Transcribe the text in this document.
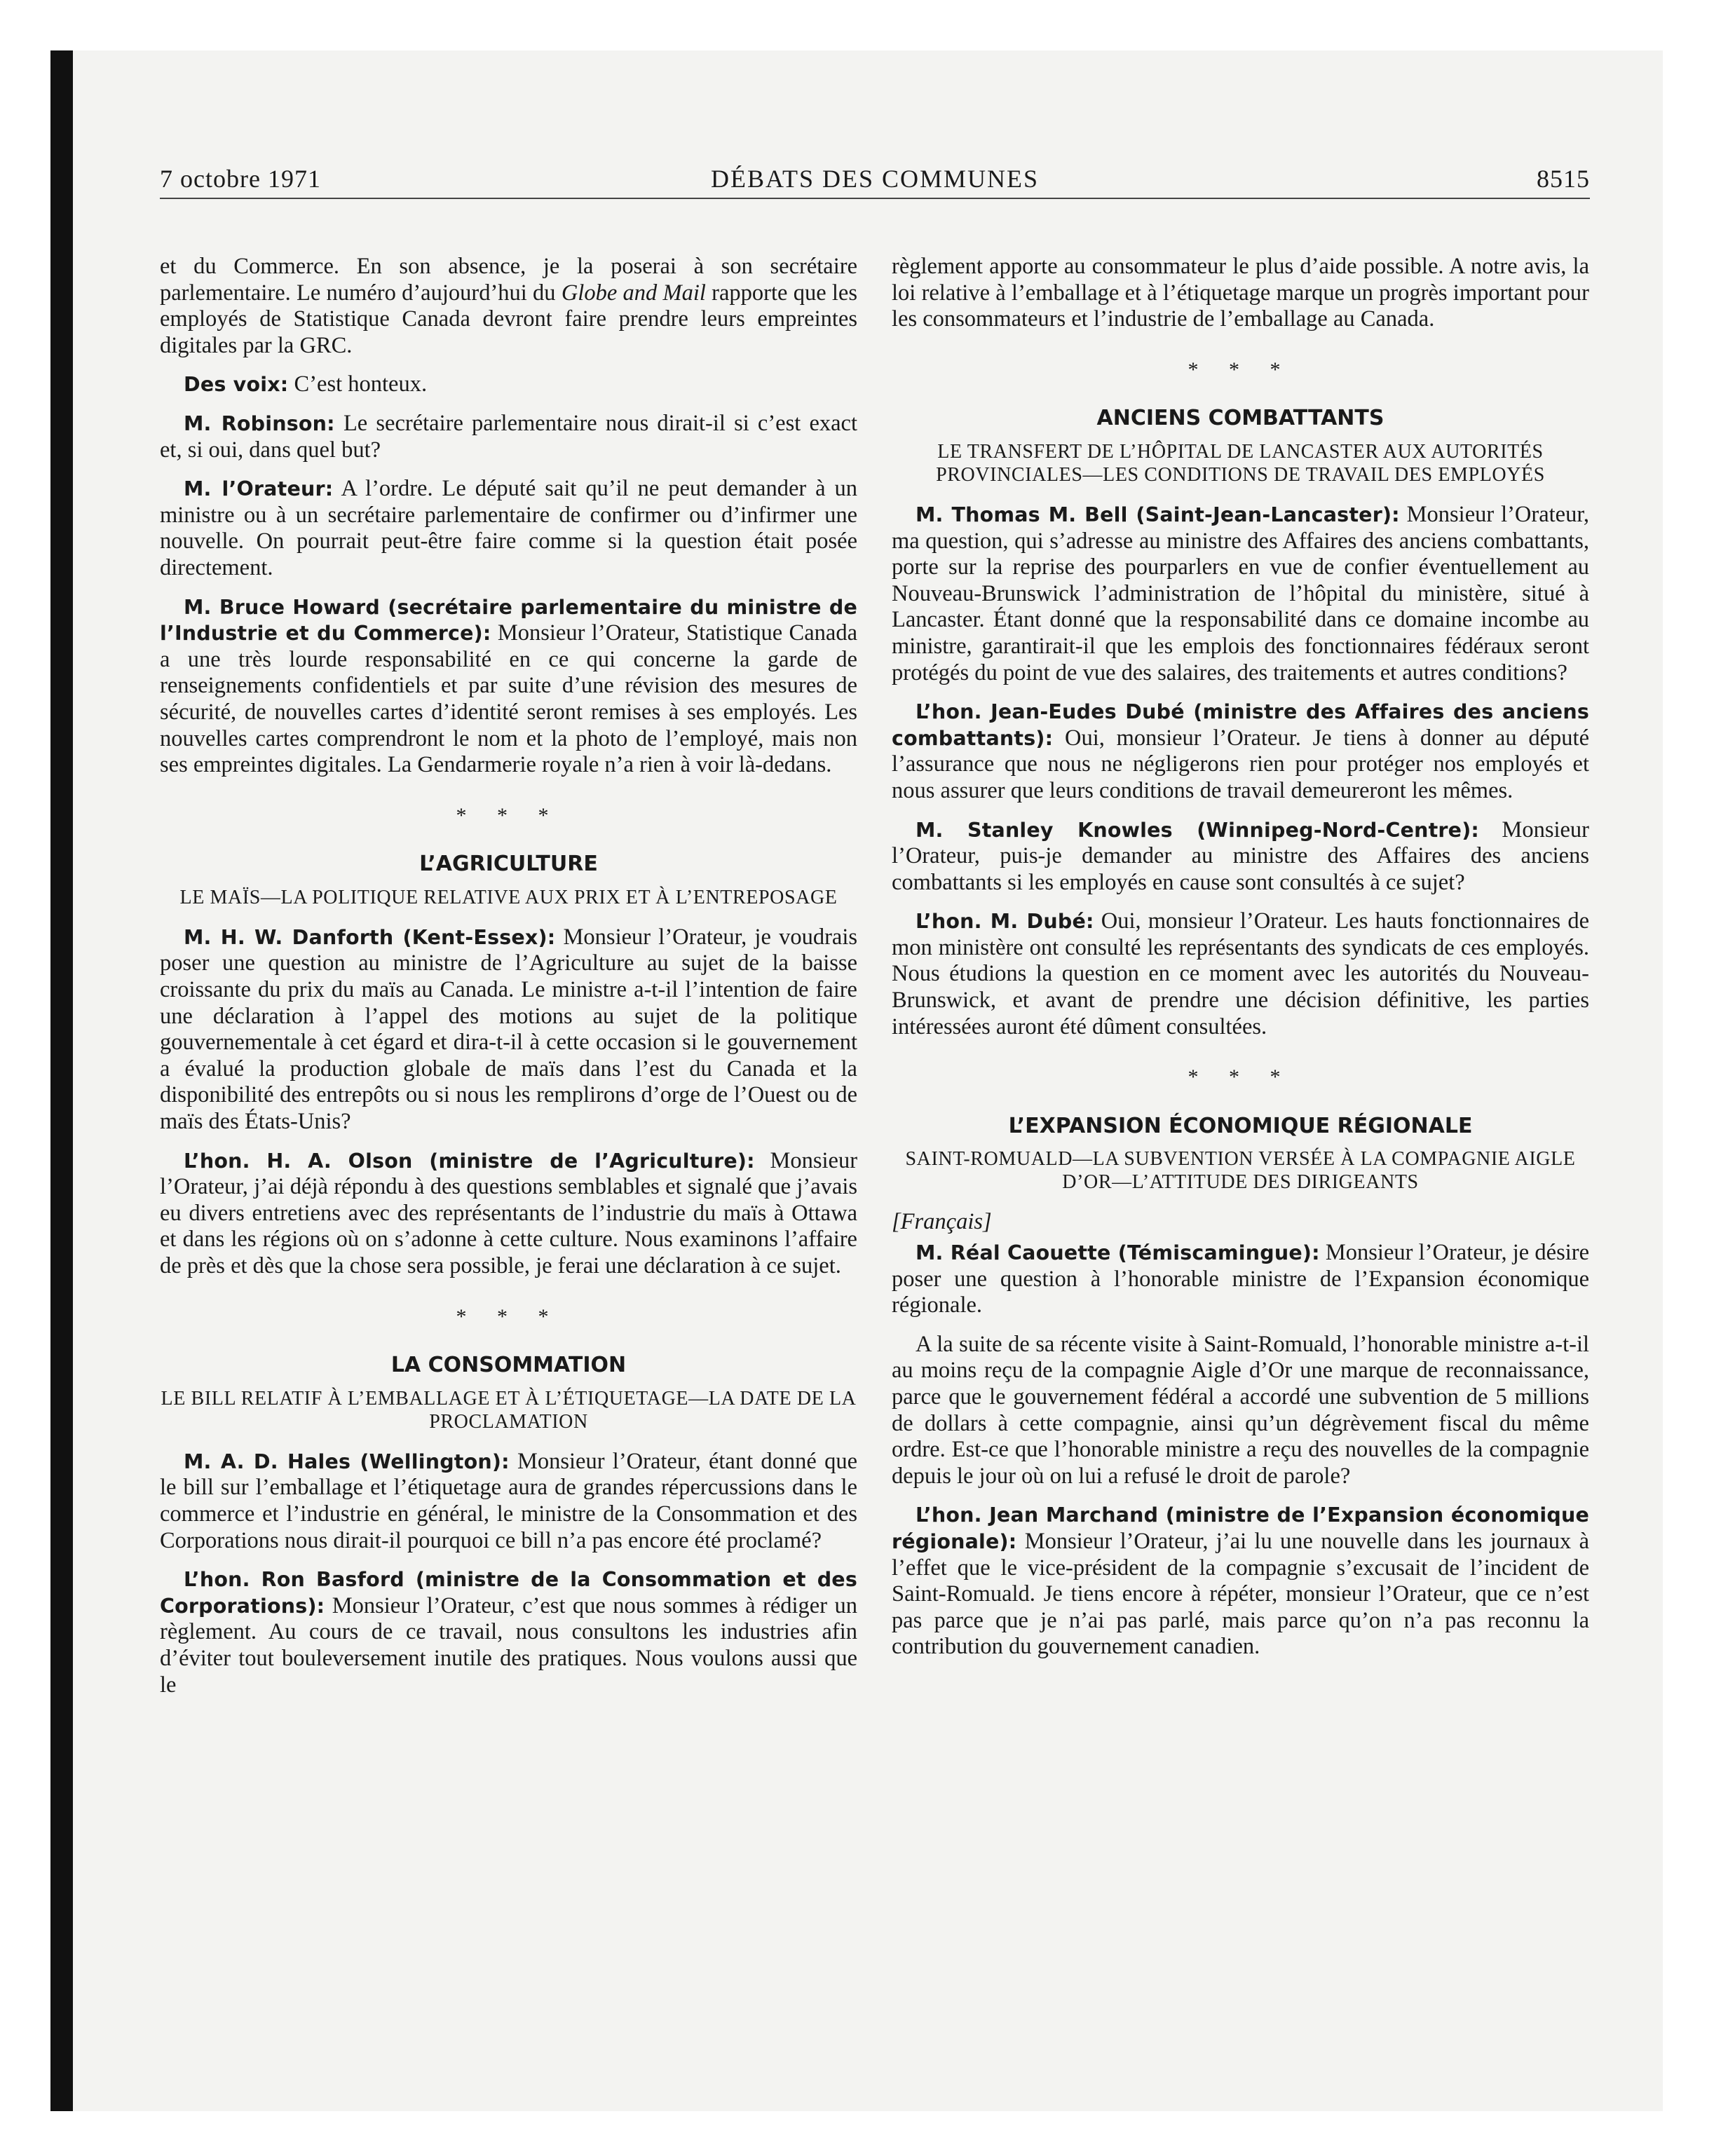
7 octobre 1971	DÉBATS DES COMMUNES	8515

et du Commerce. En son absence, je la poserai à son secrétaire parlementaire. Le numéro d’aujourd’hui du Globe and Mail rapporte que les employés de Statistique Canada devront faire prendre leurs empreintes digitales par la GRC.

Des voix: C’est honteux.

M. Robinson: Le secrétaire parlementaire nous dirait-il si c’est exact et, si oui, dans quel but?

M. l’Orateur: A l’ordre. Le député sait qu’il ne peut demander à un ministre ou à un secrétaire parlementaire de confirmer ou d’infirmer une nouvelle. On pourrait peut-être faire comme si la question était posée directement.

M. Bruce Howard (secrétaire parlementaire du ministre de l’Industrie et du Commerce): Monsieur l’Orateur, Statistique Canada a une très lourde responsabilité en ce qui concerne la garde de renseignements confidentiels et par suite d’une révision des mesures de sécurité, de nouvelles cartes d’identité seront remises à ses employés. Les nouvelles cartes comprendront le nom et la photo de l’employé, mais non ses empreintes digitales. La Gendarmerie royale n’a rien à voir là-dedans.

* * *
L’AGRICULTURE
LE MAÏS—LA POLITIQUE RELATIVE AUX PRIX ET À L’ENTREPOSAGE

M. H. W. Danforth (Kent-Essex): Monsieur l’Orateur, je voudrais poser une question au ministre de l’Agriculture au sujet de la baisse croissante du prix du maïs au Canada. Le ministre a-t-il l’intention de faire une déclaration à l’appel des motions au sujet de la politique gouvernementale à cet égard et dira-t-il à cette occasion si le gouvernement a évalué la production globale de maïs dans l’est du Canada et la disponibilité des entrepôts ou si nous les remplirons d’orge de l’Ouest ou de maïs des États-Unis?

L’hon. H. A. Olson (ministre de l’Agriculture): Monsieur l’Orateur, j’ai déjà répondu à des questions semblables et signalé que j’avais eu divers entretiens avec des représentants de l’industrie du maïs à Ottawa et dans les régions où on s’adonne à cette culture. Nous examinons l’affaire de près et dès que la chose sera possible, je ferai une déclaration à ce sujet.

* * *
LA CONSOMMATION
LE BILL RELATIF À L’EMBALLAGE ET À L’ÉTIQUETAGE—LA DATE DE LA PROCLAMATION

M. A. D. Hales (Wellington): Monsieur l’Orateur, étant donné que le bill sur l’emballage et l’étiquetage aura de grandes répercussions dans le commerce et l’industrie en général, le ministre de la Consommation et des Corporations nous dirait-il pourquoi ce bill n’a pas encore été proclamé?

L’hon. Ron Basford (ministre de la Consommation et des Corporations): Monsieur l’Orateur, c’est que nous sommes à rédiger un règlement. Au cours de ce travail, nous consultons les industries afin d’éviter tout bouleversement inutile des pratiques. Nous voulons aussi que le

règlement apporte au consommateur le plus d’aide possible. A notre avis, la loi relative à l’emballage et à l’étiquetage marque un progrès important pour les consommateurs et l’industrie de l’emballage au Canada.

* * *
ANCIENS COMBATTANTS
LE TRANSFERT DE L’HÔPITAL DE LANCASTER AUX AUTORITÉS PROVINCIALES—LES CONDITIONS DE TRAVAIL DES EMPLOYÉS

M. Thomas M. Bell (Saint-Jean-Lancaster): Monsieur l’Orateur, ma question, qui s’adresse au ministre des Affaires des anciens combattants, porte sur la reprise des pourparlers en vue de confier éventuellement au Nouveau-Brunswick l’administration de l’hôpital du ministère, situé à Lancaster. Étant donné que la responsabilité dans ce domaine incombe au ministre, garantirait-il que les emplois des fonctionnaires fédéraux seront protégés du point de vue des salaires, des traitements et autres conditions?

L’hon. Jean-Eudes Dubé (ministre des Affaires des anciens combattants): Oui, monsieur l’Orateur. Je tiens à donner au député l’assurance que nous ne négligerons rien pour protéger nos employés et nous assurer que leurs conditions de travail demeureront les mêmes.

M. Stanley Knowles (Winnipeg-Nord-Centre): Monsieur l’Orateur, puis-je demander au ministre des Affaires des anciens combattants si les employés en cause sont consultés à ce sujet?

L’hon. M. Dubé: Oui, monsieur l’Orateur. Les hauts fonctionnaires de mon ministère ont consulté les représentants des syndicats de ces employés. Nous étudions la question en ce moment avec les autorités du Nouveau-Brunswick, et avant de prendre une décision définitive, les parties intéressées auront été dûment consultées.

* * *
L’EXPANSION ÉCONOMIQUE RÉGIONALE
SAINT-ROMUALD—LA SUBVENTION VERSÉE À LA COMPAGNIE AIGLE D’OR—L’ATTITUDE DES DIRIGEANTS
[Français]

M. Réal Caouette (Témiscamingue): Monsieur l’Orateur, je désire poser une question à l’honorable ministre de l’Expansion économique régionale.

A la suite de sa récente visite à Saint-Romuald, l’honorable ministre a-t-il au moins reçu de la compagnie Aigle d’Or une marque de reconnaissance, parce que le gouvernement fédéral a accordé une subvention de 5 millions de dollars à cette compagnie, ainsi qu’un dégrèvement fiscal du même ordre. Est-ce que l’honorable ministre a reçu des nouvelles de la compagnie depuis le jour où on lui a refusé le droit de parole?

L’hon. Jean Marchand (ministre de l’Expansion économique régionale): Monsieur l’Orateur, j’ai lu une nouvelle dans les journaux à l’effet que le vice-président de la compagnie s’excusait de l’incident de Saint-Romuald. Je tiens encore à répéter, monsieur l’Orateur, que ce n’est pas parce que je n’ai pas parlé, mais parce qu’on n’a pas reconnu la contribution du gouvernement canadien.
